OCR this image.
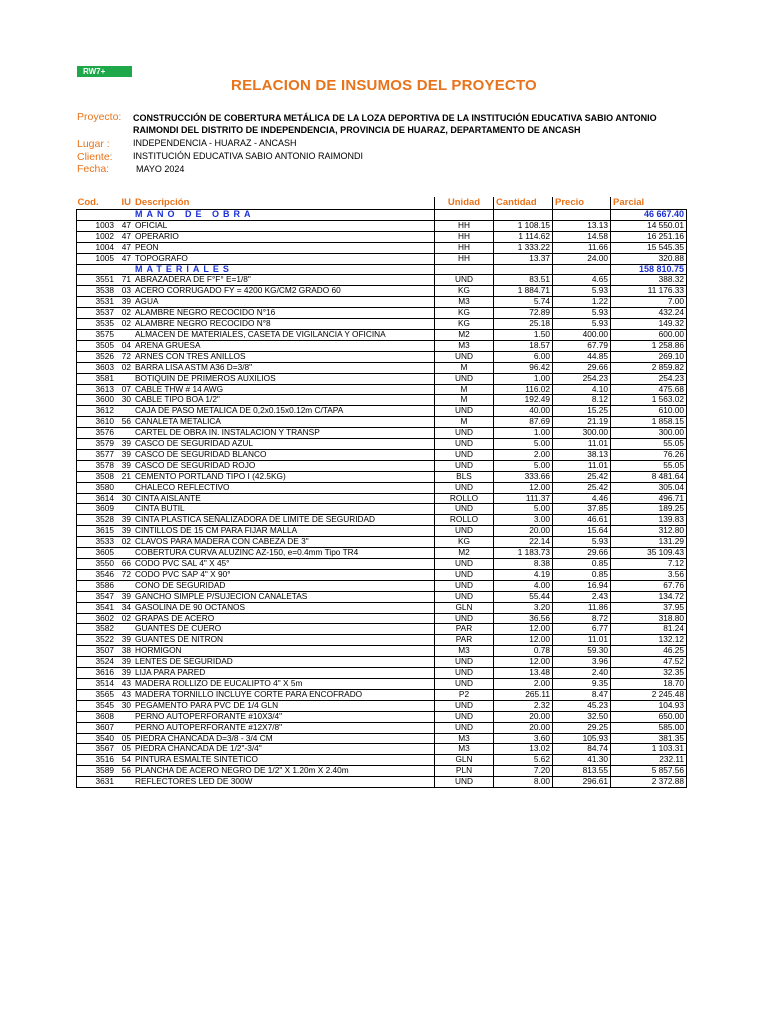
RW7+
RELACION DE INSUMOS DEL PROYECTO
Proyecto: CONSTRUCCIÓN DE COBERTURA METÁLICA DE LA LOZA DEPORTIVA DE LA INSTITUCIÓN EDUCATIVA SABIO ANTONIO
RAIMONDI DEL DISTRITO DE INDEPENDENCIA, PROVINCIA DE HUARAZ, DEPARTAMENTO DE ANCASH
Lugar :	INDEPENDENCIA - HUARAZ - ANCASH
Cliente: INSTITUCIÓN EDUCATIVA SABIO ANTONIO RAIMONDI
Fecha:	MAYO 2024
Cod.	IU	Descripción	Unidad	Cantidad	Precio	Parcial
		MANO DE OBRA				46 667.40
1003	47	OFICIAL	HH	1 108.15	13.13	14 550.01
1002	47	OPERARIO	HH	1 114.62	14.58	16 251.16
1004	47	PEON	HH	1 333.22	11.66	15 545.35
1005	47	TOPOGRAFO	HH	13.37	24.00	320.88
		MATERIALES				158 810.75
3551	71	ABRAZADERA DE F°F° E=1/8"	UND	83.51	4.65	388.32
3538	03	ACERO CORRUGADO FY = 4200 KG/CM2 GRADO 60	KG	1 884.71	5.93	11 176.33
3531	39	AGUA	M3	5.74	1.22	7.00
3537	02	ALAMBRE NEGRO RECOCIDO N°16	KG	72.89	5.93	432.24
3535	02	ALAMBRE NEGRO RECOCIDO N°8	KG	25.18	5.93	149.32
3575		ALMACEN DE MATERIALES, CASETA DE VIGILANCIA Y OFICINA	M2	1.50	400.00	600.00
3505	04	ARENA GRUESA	M3	18.57	67.79	1 258.86
3526	72	ARNES CON TRES ANILLOS	UND	6.00	44.85	269.10
3603	02	BARRA LISA ASTM A36 D=3/8"	M	96.42	29.66	2 859.82
3581		BOTIQUIN DE PRIMEROS AUXILIOS	UND	1.00	254.23	254.23
3613	07	CABLE THW # 14 AWG	M	116.02	4.10	475.68
3600	30	CABLE TIPO BOA 1/2"	M	192.49	8.12	1 563.02
3612		CAJA DE PASO METALICA DE 0,2x0.15x0.12m C/TAPA	UND	40.00	15.25	610.00
3610	56	CANALETA METALICA	M	87.69	21.19	1 858.15
3576		CARTEL DE OBRA IN. INSTALACION Y TRANSP	UND	1.00	300.00	300.00
3579	39	CASCO DE SEGURIDAD AZUL	UND	5.00	11.01	55.05
3577	39	CASCO DE SEGURIDAD BLANCO	UND	2.00	38.13	76.26
3578	39	CASCO DE SEGURIDAD ROJO	UND	5.00	11.01	55.05
3508	21	CEMENTO PORTLAND TIPO I (42.5KG)	BLS	333.66	25.42	8 481.64
3580		CHALECO REFLECTIVO	UND	12.00	25.42	305.04
3614	30	CINTA AISLANTE	ROLLO	111.37	4.46	496.71
3609		CINTA BUTIL	UND	5.00	37.85	189.25
3528	39	CINTA PLASTICA SEÑALIZADORA DE LIMITE DE SEGURIDAD	ROLLO	3.00	46.61	139.83
3615	39	CINTILLOS DE 15 CM PARA FIJAR MALLA	UND	20.00	15.64	312.80
3533	02	CLAVOS PARA MADERA CON CABEZA DE 3"	KG	22.14	5.93	131.29
3605		COBERTURA CURVA ALUZINC AZ-150, e=0.4mm Tipo TR4	M2	1 183.73	29.66	35 109.43
3550	66	CODO PVC SAL 4" X 45°	UND	8.38	0.85	7.12
3546	72	CODO PVC SAP 4" X 90°	UND	4.19	0.85	3.56
3586		CONO DE SEGURIDAD	UND	4.00	16.94	67.76
3547	39	GANCHO SIMPLE P/SUJECION CANALETAS	UND	55.44	2.43	134.72
3541	34	GASOLINA DE 90 OCTANOS	GLN	3.20	11.86	37.95
3602	02	GRAPAS DE ACERO	UND	36.56	8.72	318.80
3582		GUANTES DE CUERO	PAR	12.00	6.77	81.24
3522	39	GUANTES DE NITRON	PAR	12.00	11.01	132.12
3507	38	HORMIGON	M3	0.78	59.30	46.25
3524	39	LENTES DE SEGURIDAD	UND	12.00	3.96	47.52
3616	39	LIJA PARA PARED	UND	13.48	2.40	32.35
3514	43	MADERA ROLLIZO DE EUCALIPTO 4" X 5m	UND	2.00	9.35	18.70
3565	43	MADERA TORNILLO INCLUYE CORTE PARA ENCOFRADO	P2	265.11	8.47	2 245.48
3545	30	PEGAMENTO PARA PVC DE 1/4 GLN	UND	2.32	45.23	104.93
3608		PERNO AUTOPERFORANTE #10X3/4"	UND	20.00	32.50	650.00
3607		PERNO AUTOPERFORANTE #12X7/8"	UND	20.00	29.25	585.00
3540	05	PIEDRA CHANCADA D=3/8 - 3/4 CM	M3	3.60	105.93	381.35
3567	05	PIEDRA CHANCADA DE 1/2"-3/4"	M3	13.02	84.74	1 103.31
3516	54	PINTURA ESMALTE SINTETICO	GLN	5.62	41.30	232.11
3589	56	PLANCHA DE ACERO NEGRO DE 1/2" X 1.20m X 2.40m	PLN	7.20	813.55	5 857.56
3631		REFLECTORES LED DE 300W	UND	8.00	296.61	2 372.88
